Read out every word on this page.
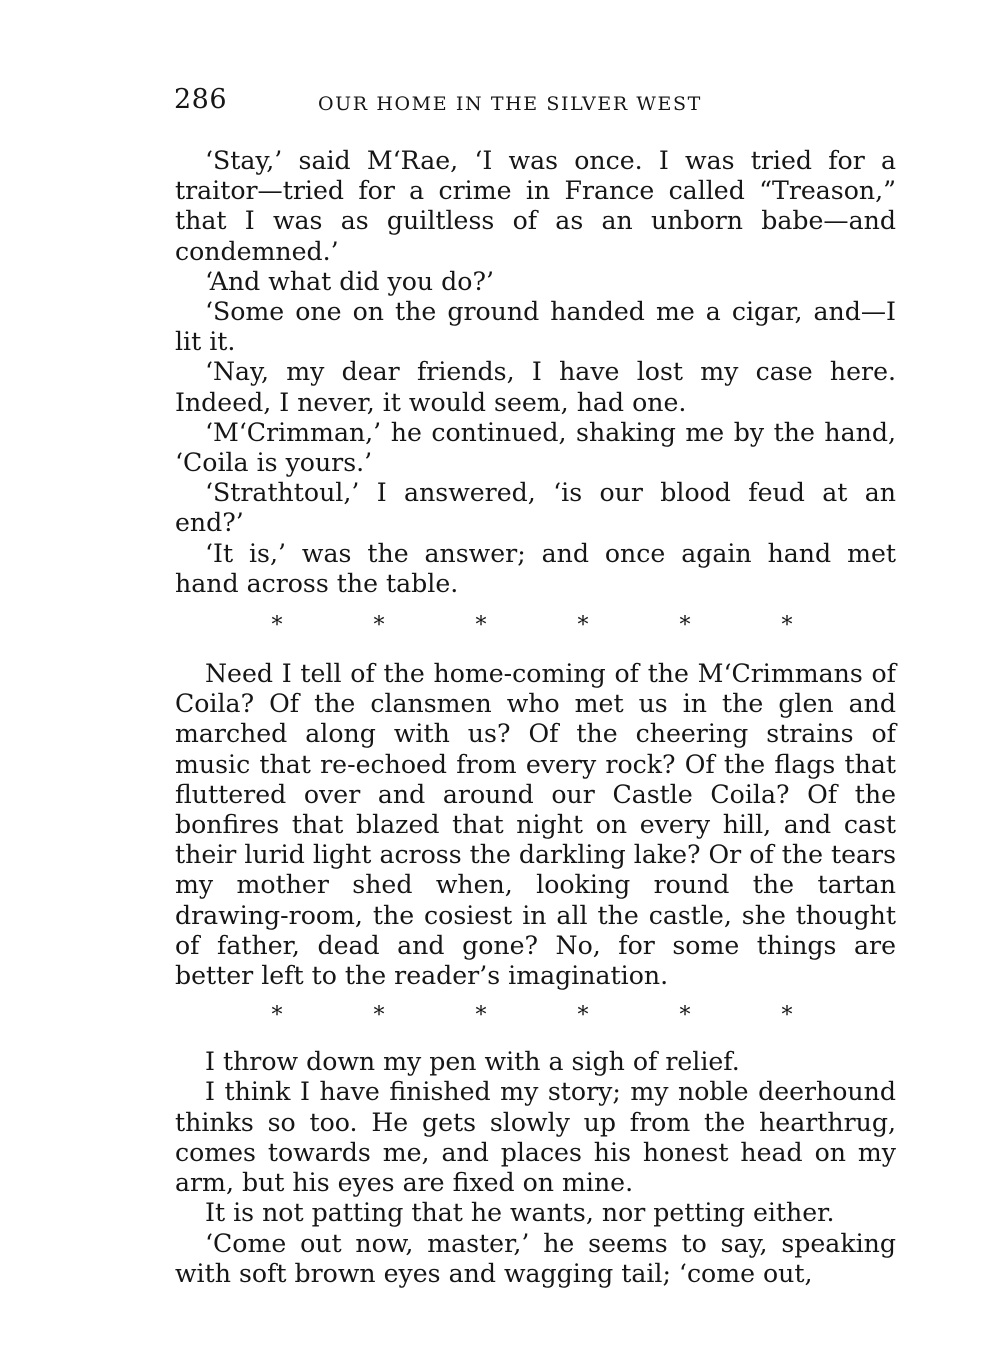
286	OUR HOME IN THE SILVER WEST

‘Stay,’ said M‘Rae, ‘I was once. I was tried for a traitor—tried for a crime in France called “Treason,” that I was as guiltless of as an unborn babe—and condemned.’

‘And what did you do?’

‘Some one on the ground handed me a cigar, and—I lit it.

‘Nay, my dear friends, I have lost my case here. Indeed, I never, it would seem, had one.

‘M‘Crimman,’ he continued, shaking me by the hand, ‘Coila is yours.’

‘Strathtoul,’ I answered, ‘is our blood feud at an end?’

‘It is,’ was the answer; and once again hand met hand across the table.

*	*	*	*	*	*

Need I tell of the home-coming of the M‘Crimmans of Coila? Of the clansmen who met us in the glen and marched along with us? Of the cheering strains of music that re-echoed from every rock? Of the flags that fluttered over and around our Castle Coila? Of the bonfires that blazed that night on every hill, and cast their lurid light across the darkling lake? Or of the tears my mother shed when, looking round the tartan drawing-room, the cosiest in all the castle, she thought of father, dead and gone? No, for some things are better left to the reader’s imagination.

*	*	*	*	*	*

I throw down my pen with a sigh of relief.

I think I have finished my story; my noble deerhound thinks so too. He gets slowly up from the hearthrug, comes towards me, and places his honest head on my arm, but his eyes are fixed on mine.

It is not patting that he wants, nor petting either.

‘Come out now, master,’ he seems to say, speaking with soft brown eyes and wagging tail; ‘come out,
